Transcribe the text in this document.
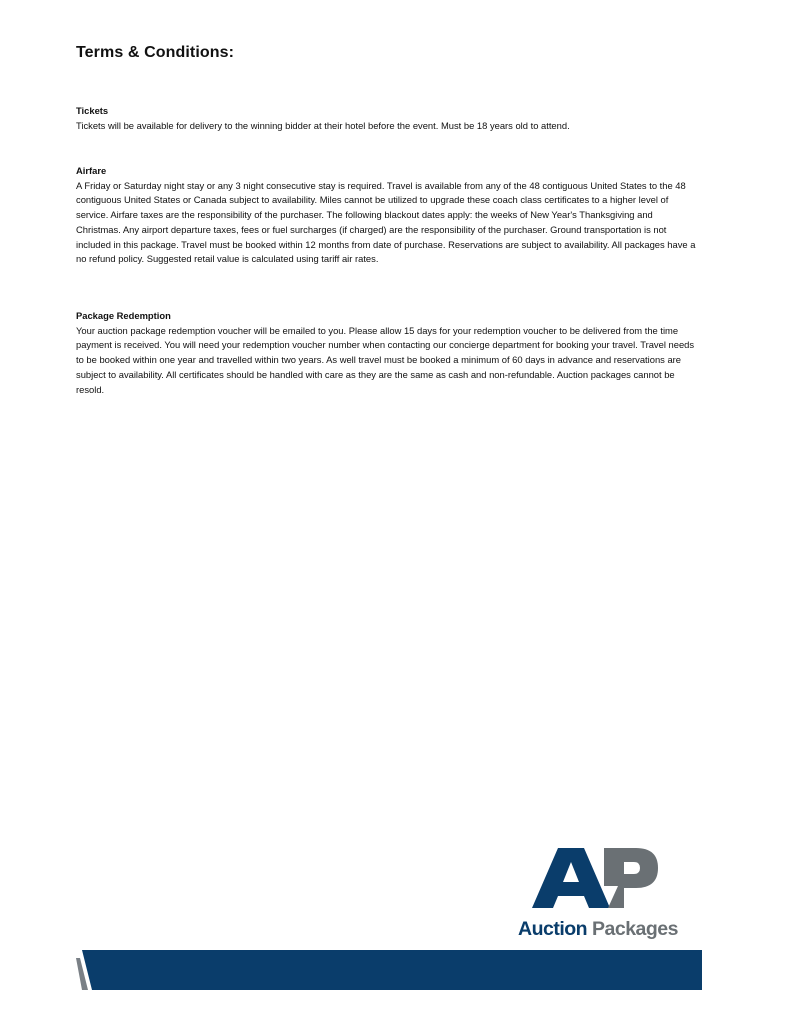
Terms & Conditions:
Tickets

Tickets will be available for delivery to the winning bidder at their hotel before the event. Must be 18 years old to attend.

Airfare

A Friday or Saturday night stay or any 3 night consecutive stay is required. Travel is available from any of the 48 contiguous United States to the 48 contiguous United States or Canada subject to availability. Miles cannot be utilized to upgrade these coach class certificates to a higher level of service. Airfare taxes are the responsibility of the purchaser. The following blackout dates apply: the weeks of New Year's Thanksgiving and Christmas. Any airport departure taxes, fees or fuel surcharges (if charged) are the responsibility of the purchaser. Ground transportation is not included in this package. Travel must be booked within 12 months from date of purchase. Reservations are subject to availability. All packages have a no refund policy. Suggested retail value is calculated using tariff air rates.

Package Redemption

Your auction package redemption voucher will be emailed to you. Please allow 15 days for your redemption voucher to be delivered from the time payment is received. You will need your redemption voucher number when contacting our concierge department for booking your travel. Travel needs to be booked within one year and travelled within two years. As well travel must be booked a minimum of 60 days in advance and reservations are subject to availability. All certificates should be handled with care as they are the same as cash and non-refundable. Auction packages cannot be resold.

Auction Packages
